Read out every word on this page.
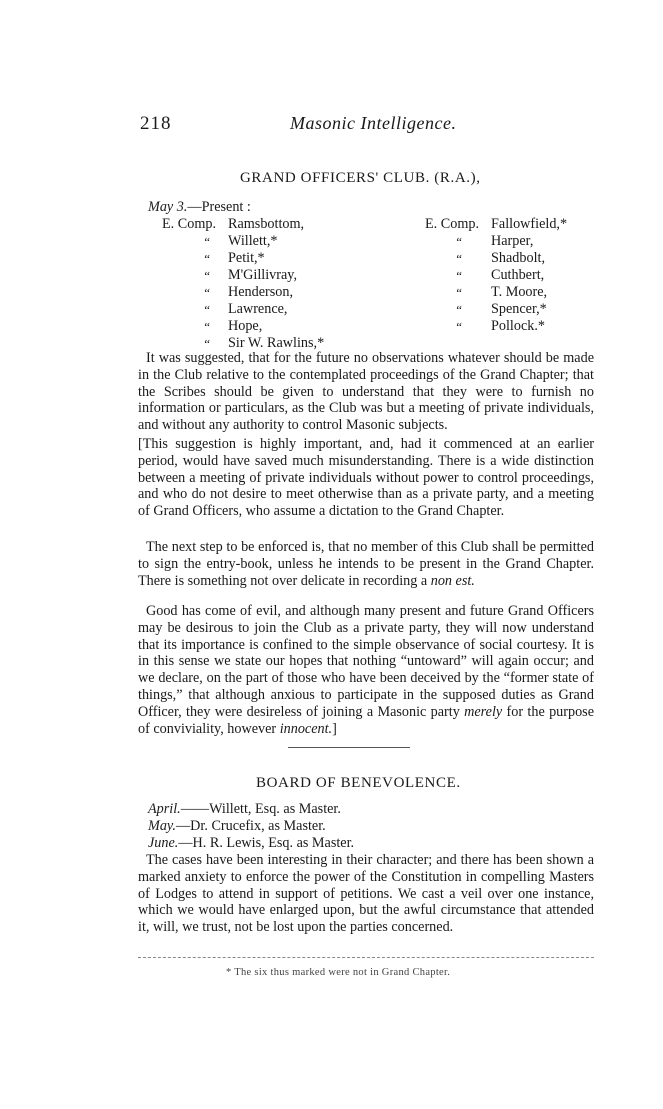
218	Masonic Intelligence.
GRAND OFFICERS' CLUB. (R.A.),
May 3.—Present :
E. Comp. Ramsbottom,
“ Willett,*
“ Petit,*
“ M'Gillivray,
“ Henderson,
“ Lawrence,
“ Hope,
“ Sir W. Rawlins,*
E. Comp. Fallowfield,*
“ Harper,
“ Shadbolt,
“ Cuthbert,
“ T. Moore,
“ Spencer,*
“ Pollock.*

It was suggested, that for the future no observations whatever should be made in the Club relative to the contemplated proceedings of the Grand Chapter; that the Scribes should be given to understand that they were to furnish no information or particulars, as the Club was but a meeting of private individuals, and without any authority to control Masonic subjects.

[This suggestion is highly important, and, had it commenced at an earlier period, would have saved much misunderstanding. There is a wide distinction between a meeting of private individuals without power to control proceedings, and who do not desire to meet otherwise than as a private party, and a meeting of Grand Officers, who assume a dictation to the Grand Chapter.

The next step to be enforced is, that no member of this Club shall be permitted to sign the entry-book, unless he intends to be present in the Grand Chapter. There is something not over delicate in recording a non est.

Good has come of evil, and although many present and future Grand Officers may be desirous to join the Club as a private party, they will now understand that its importance is confined to the simple observance of social courtesy. It is in this sense we state our hopes that nothing “untoward” will again occur; and we declare, on the part of those who have been deceived by the “former state of things,” that although anxious to participate in the supposed duties as Grand Officer, they were desireless of joining a Masonic party merely for the purpose of conviviality, however innocent.]

BOARD OF BENEVOLENCE.
April.——Willett, Esq. as Master.
May.—Dr. Crucefix, as Master.
June.—H. R. Lewis, Esq. as Master.

The cases have been interesting in their character; and there has been shown a marked anxiety to enforce the power of the Constitution in compelling Masters of Lodges to attend in support of petitions. We cast a veil over one instance, which we would have enlarged upon, but the awful circumstance that attended it, will, we trust, not be lost upon the parties concerned.

* The six thus marked were not in Grand Chapter.
